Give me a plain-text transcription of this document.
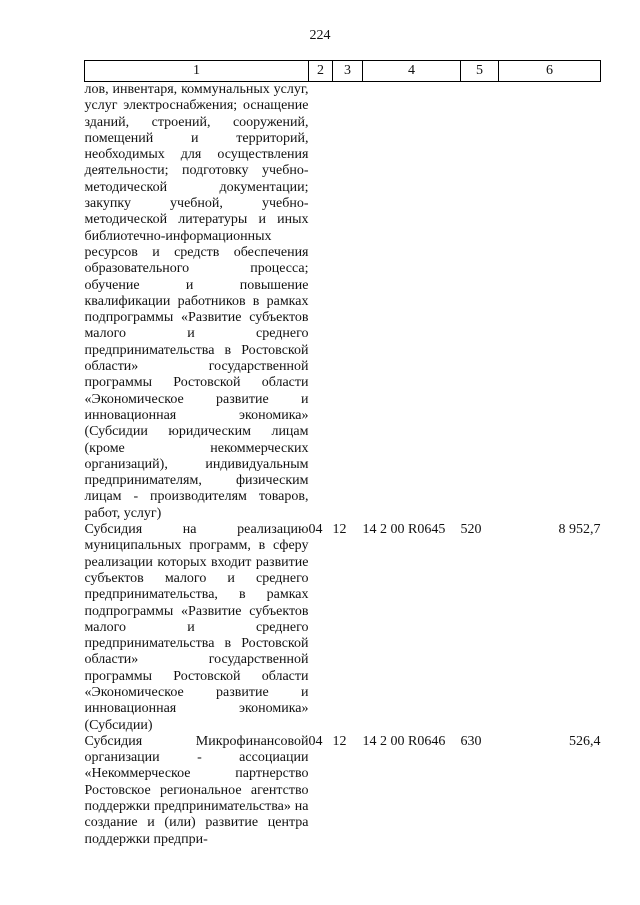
224
1	2	3	4	5	6
лов, инвентаря, коммунальных услуг, услуг электроснабжения; оснащение зданий, строений, сооружений, помещений и территорий, необходимых для осуществления деятельности; подготовку учебно-методической документации; закупку учебной, учебно-методической литературы и иных библиотечно-информационных ресурсов и средств обеспечения образовательного процесса; обучение и повышение квалификации работников в рамках подпрограммы «Развитие субъектов малого и среднего предпринимательства в Ростовской области» государственной программы Ростовской области «Экономическое развитие и инновационная экономика» (Субсидии юридическим лицам (кроме некоммерческих организаций), индивидуальным предпринимателям, физическим лицам - производителям товаров, работ, услуг)					
Субсидия на реализацию муниципальных программ, в сферу реализации которых входит развитие субъектов малого и среднего предпринимательства, в рамках подпрограммы «Развитие субъектов малого и среднего предпринимательства в Ростовской области» государственной программы Ростовской области «Экономическое развитие и инновационная экономика» (Субсидии)	04	12	14 2 00 R0645	520	8 952,7
Субсидия Микрофинансовой организации - ассоциации «Некоммерческое партнерство Ростовское региональное агентство поддержки предпринимательства» на создание и (или) развитие центра поддержки предпри-	04	12	14 2 00 R0646	630	526,4
